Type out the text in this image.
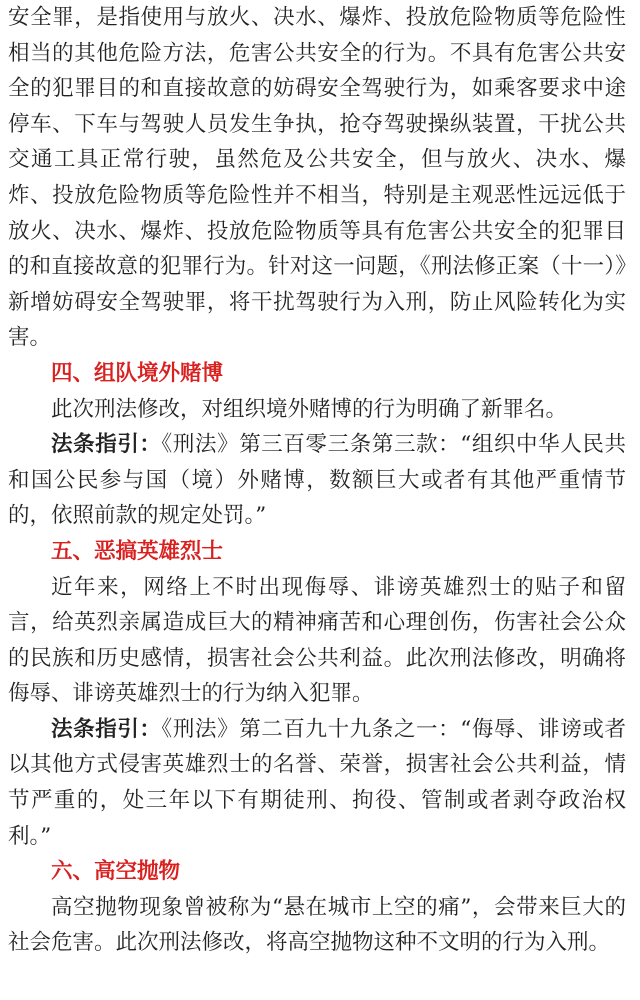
安全罪，是指使用与放火、决水、爆炸、投放危险物质等危险性相当的其他危险方法，危害公共安全的行为。不具有危害公共安全的犯罪目的和直接故意的妨碍安全驾驶行为，如乘客要求中途停车、下车与驾驶人员发生争执，抢夺驾驶操纵装置，干扰公共交通工具正常行驶，虽然危及公共安全，但与放火、决水、爆炸、投放危险物质等危险性并不相当，特别是主观恶性远远低于放火、决水、爆炸、投放危险物质等具有危害公共安全的犯罪目的和直接故意的犯罪行为。针对这一问题，《刑法修正案（十一）》新增妨碍安全驾驶罪，将干扰驾驶行为入刑，防止风险转化为实害。

四、组队境外赌博

此次刑法修改，对组织境外赌博的行为明确了新罪名。

法条指引：《刑法》第三百零三条第三款：“组织中华人民共和国公民参与国（境）外赌博，数额巨大或者有其他严重情节的，依照前款的规定处罚。”

五、恶搞英雄烈士

近年来，网络上不时出现侮辱、诽谤英雄烈士的贴子和留言，给英烈亲属造成巨大的精神痛苦和心理创伤，伤害社会公众的民族和历史感情，损害社会公共利益。此次刑法修改，明确将侮辱、诽谤英雄烈士的行为纳入犯罪。

法条指引：《刑法》第二百九十九条之一：“侮辱、诽谤或者以其他方式侵害英雄烈士的名誉、荣誉，损害社会公共利益，情节严重的，处三年以下有期徒刑、拘役、管制或者剥夺政治权利。”

六、高空抛物

高空抛物现象曾被称为“悬在城市上空的痛”，会带来巨大的社会危害。此次刑法修改，将高空抛物这种不文明的行为入刑。
